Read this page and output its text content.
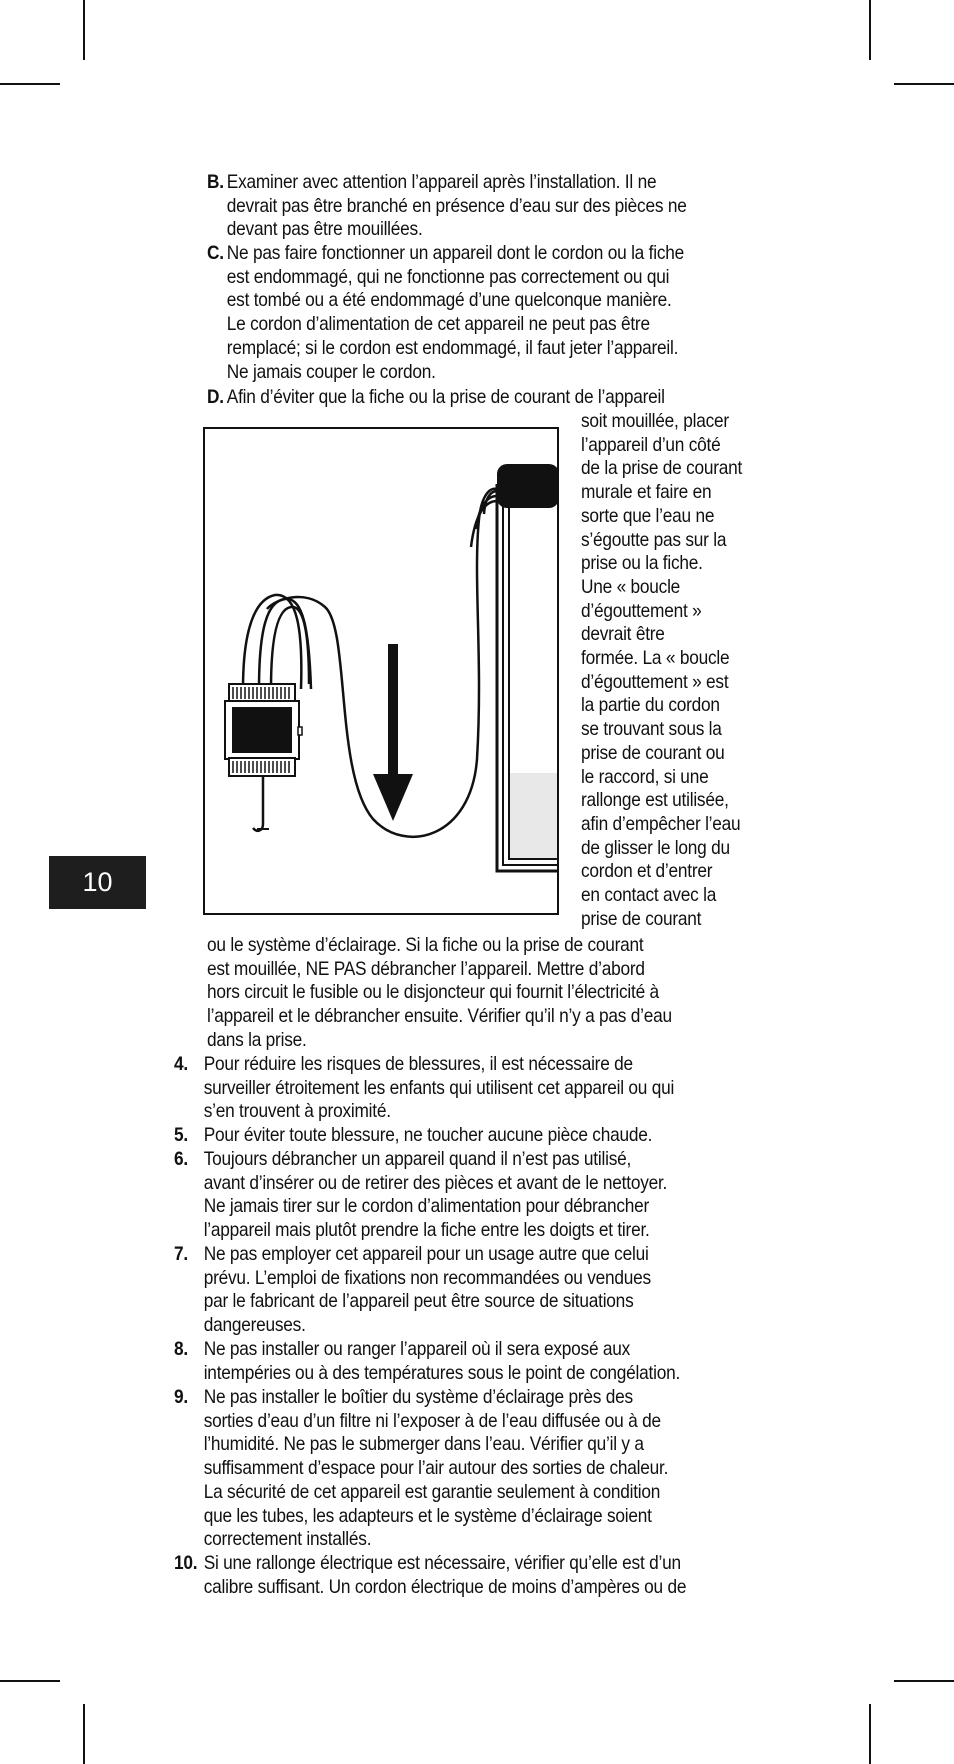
10
B. Examiner avec attention l’appareil après l’installation. Il ne
devrait pas être branché en présence d’eau sur des pièces ne
devant pas être mouillées.
C. Ne pas faire fonctionner un appareil dont le cordon ou la fiche
est endommagé, qui ne fonctionne pas correctement ou qui
est tombé ou a été endommagé d’une quelconque manière.
Le cordon d’alimentation de cet appareil ne peut pas être
remplacé; si le cordon est endommagé, il faut jeter l’appareil.
Ne jamais couper le cordon.
D. Afin d’éviter que la fiche ou la prise de courant de l’appareil
soit mouillée, placer
l’appareil d’un côté
de la prise de courant
murale et faire en
sorte que l’eau ne
s’égoutte pas sur la
prise ou la fiche.
Une « boucle
d’égouttement »
devrait être
formée. La « boucle
d’égouttement » est
la partie du cordon
se trouvant sous la
prise de courant ou
le raccord, si une
rallonge est utilisée,
afin d’empêcher l’eau
de glisser le long du
cordon et d’entrer
en contact avec la
prise de courant
ou le système d’éclairage. Si la fiche ou la prise de courant
est mouillée, NE PAS débrancher l’appareil. Mettre d’abord
hors circuit le fusible ou le disjoncteur qui fournit l’électricité à
l’appareil et le débrancher ensuite. Vérifier qu’il n’y a pas d’eau
dans la prise.
4. Pour réduire les risques de blessures, il est nécessaire de
surveiller étroitement les enfants qui utilisent cet appareil ou qui
s’en trouvent à proximité.
5. Pour éviter toute blessure, ne toucher aucune pièce chaude.
6. Toujours débrancher un appareil quand il n’est pas utilisé,
avant d’insérer ou de retirer des pièces et avant de le nettoyer.
Ne jamais tirer sur le cordon d’alimentation pour débrancher
l’appareil mais plutôt prendre la fiche entre les doigts et tirer.
7. Ne pas employer cet appareil pour un usage autre que celui
prévu. L’emploi de fixations non recommandées ou vendues
par le fabricant de l’appareil peut être source de situations
dangereuses.
8. Ne pas installer ou ranger l’appareil où il sera exposé aux
intempéries ou à des températures sous le point de congélation.
9. Ne pas installer le boîtier du système d’éclairage près des
sorties d’eau d’un filtre ni l’exposer à de l’eau diffusée ou à de
l’humidité. Ne pas le submerger dans l’eau. Vérifier qu’il y a
suffisamment d’espace pour l’air autour des sorties de chaleur.
La sécurité de cet appareil est garantie seulement à condition
que les tubes, les adapteurs et le système d’éclairage soient
correctement installés.
10. Si une rallonge électrique est nécessaire, vérifier qu’elle est d’un
calibre suffisant. Un cordon électrique de moins d’ampères ou de
